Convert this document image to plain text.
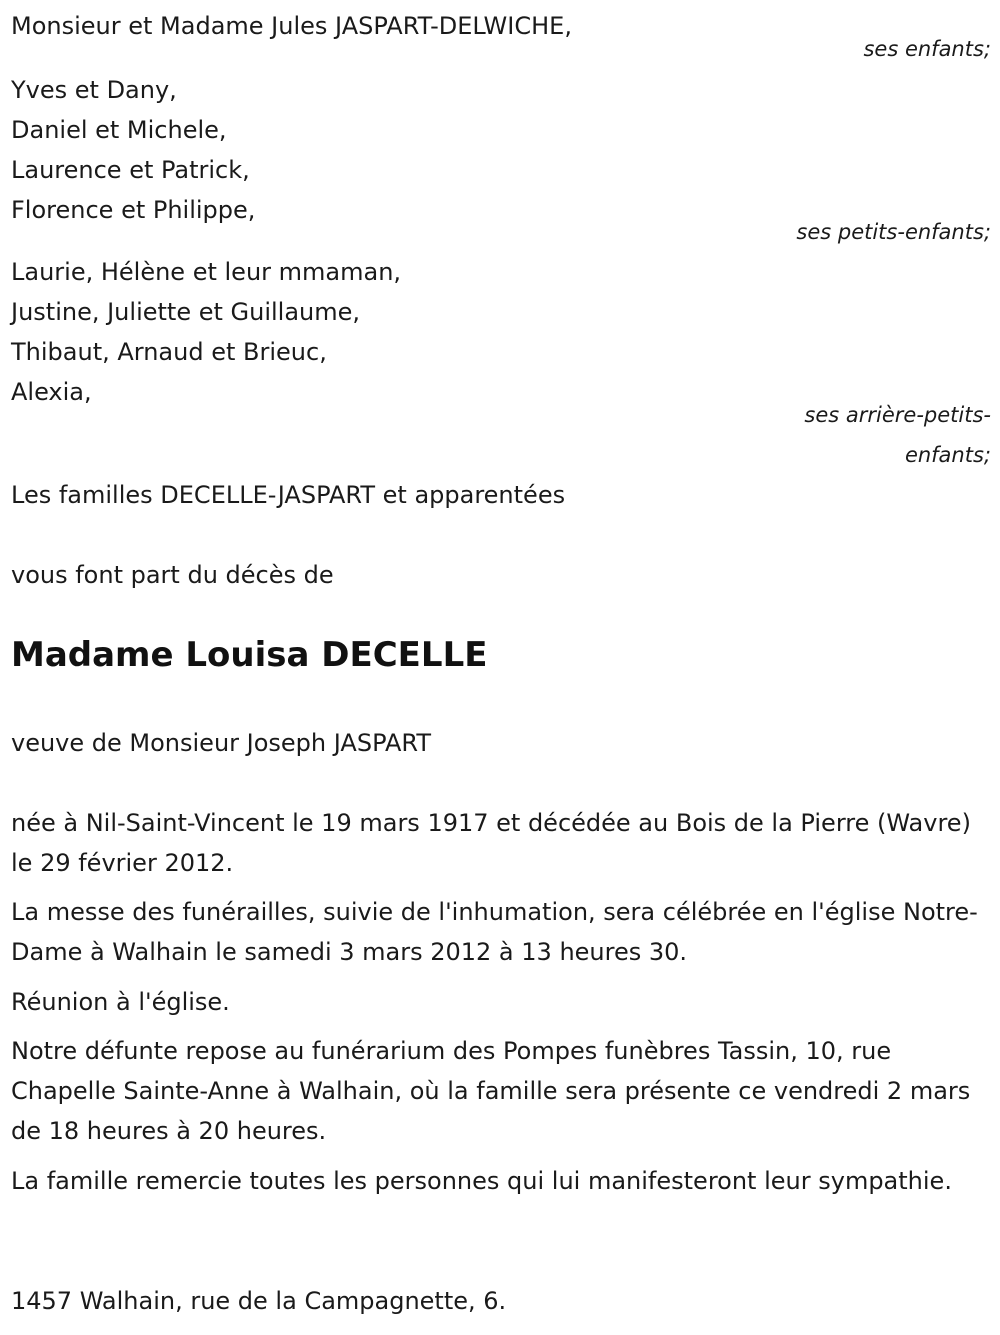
Monsieur et Madame Jules JASPART-DELWICHE,

ses enfants;

Yves et Dany,

Daniel et Michele,

Laurence et Patrick,

Florence et Philippe,

ses petits-enfants;

Laurie, Hélène et leur mmaman,

Justine, Juliette et Guillaume,

Thibaut, Arnaud et Brieuc,

Alexia,

ses arrière-petits-

enfants;

Les familles DECELLE-JASPART et apparentées

vous font part du décès de

Madame Louisa DECELLE

veuve de Monsieur Joseph JASPART

née à Nil-Saint-Vincent le 19 mars 1917 et décédée au Bois de la Pierre (Wavre) le 29 février 2012.

La messe des funérailles, suivie de l'inhumation, sera célébrée en l'église Notre-Dame à Walhain le samedi 3 mars 2012 à 13 heures 30.

Réunion à l'église.

Notre défunte repose au funérarium des Pompes funèbres Tassin, 10, rue Chapelle Sainte-Anne à Walhain, où la famille sera présente ce vendredi 2 mars de 18 heures à 20 heures.

La famille remercie toutes les personnes qui lui manifesteront leur sympathie.

1457 Walhain, rue de la Campagnette, 6.
